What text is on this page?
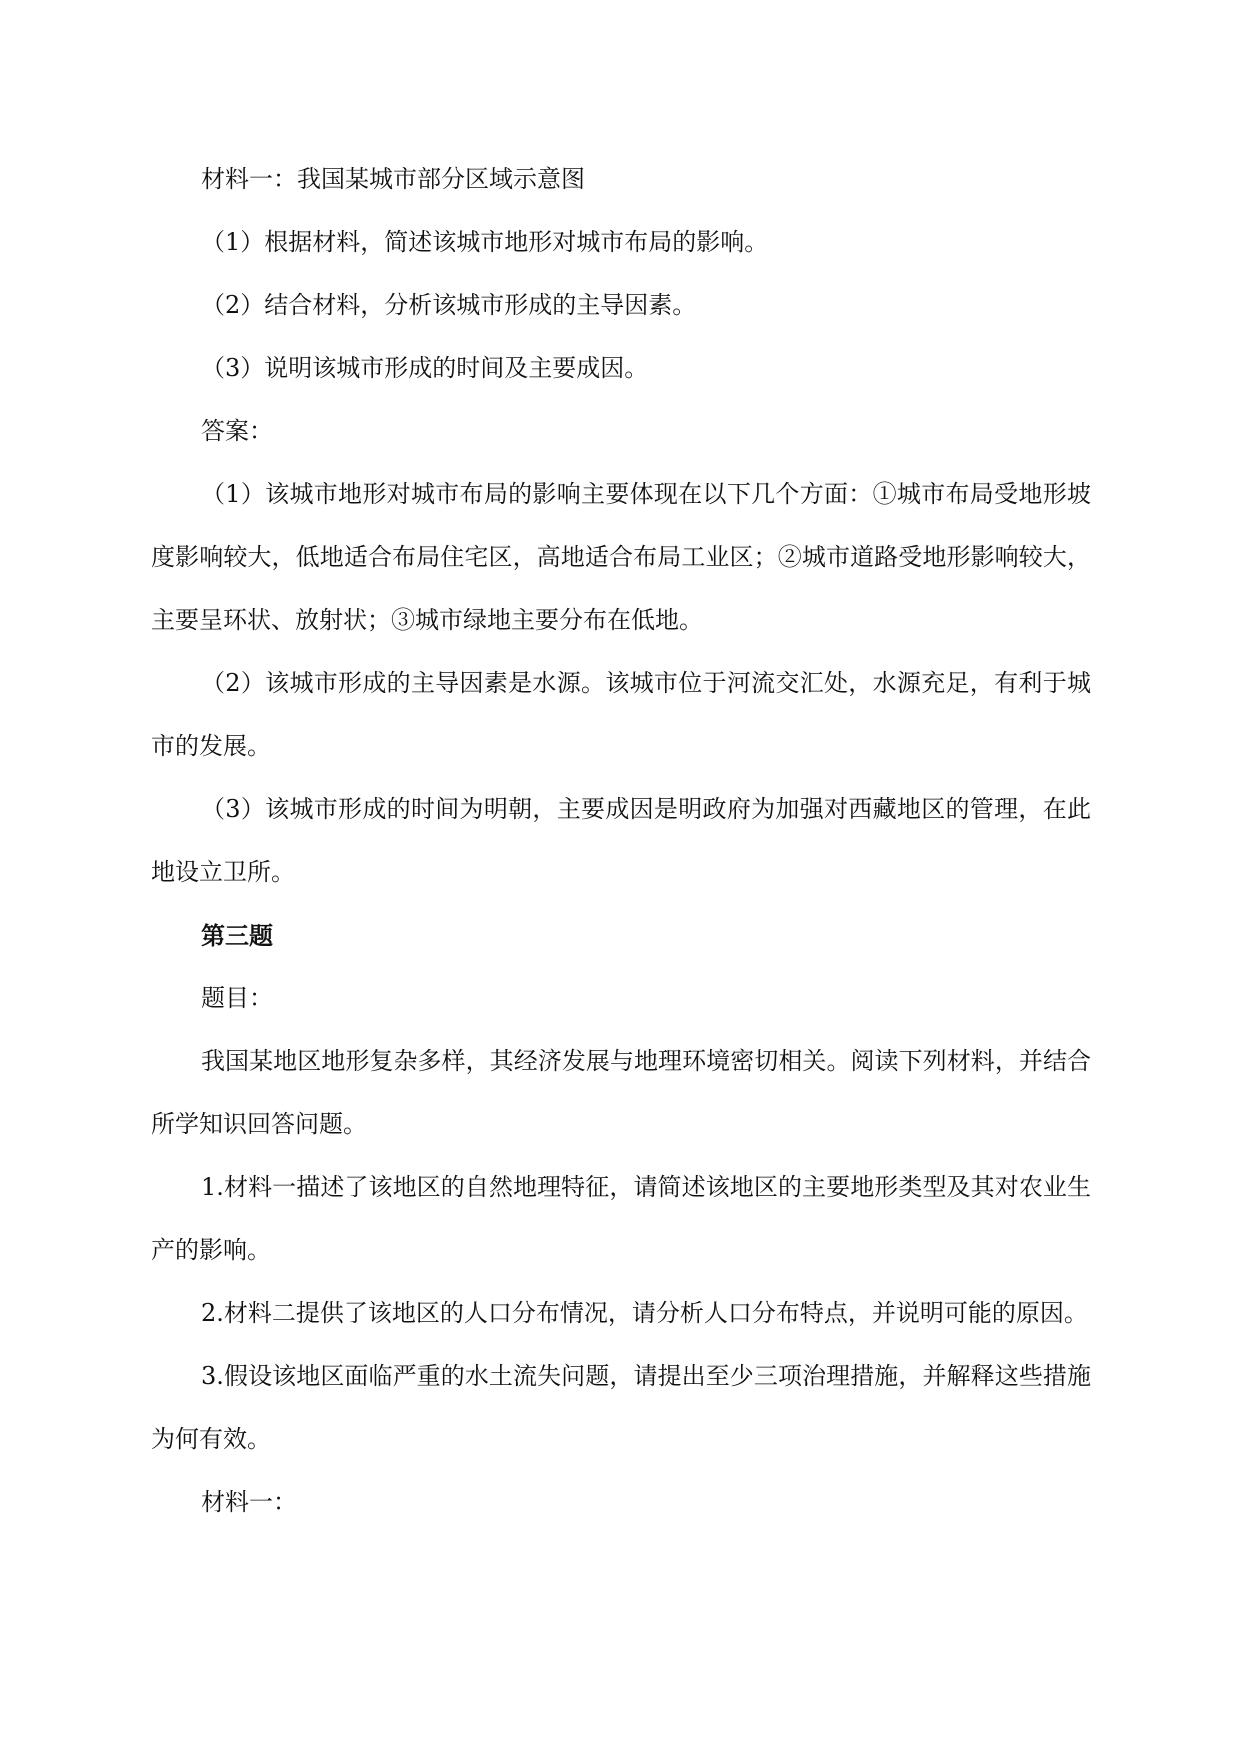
材料一：我国某城市部分区域示意图

（1）根据材料，简述该城市地形对城市布局的影响。

（2）结合材料，分析该城市形成的主导因素。

（3）说明该城市形成的时间及主要成因。

答案：

（1）该城市地形对城市布局的影响主要体现在以下几个方面：①城市布局受地形坡度影响较大，低地适合布局住宅区，高地适合布局工业区；②城市道路受地形影响较大，主要呈环状、放射状；③城市绿地主要分布在低地。

（2）该城市形成的主导因素是水源。该城市位于河流交汇处，水源充足，有利于城市的发展。

（3）该城市形成的时间为明朝，主要成因是明政府为加强对西藏地区的管理，在此地设立卫所。

第三题

题目：

我国某地区地形复杂多样，其经济发展与地理环境密切相关。阅读下列材料，并结合所学知识回答问题。

1.材料一描述了该地区的自然地理特征，请简述该地区的主要地形类型及其对农业生产的影响。

2.材料二提供了该地区的人口分布情况，请分析人口分布特点，并说明可能的原因。

3.假设该地区面临严重的水土流失问题，请提出至少三项治理措施，并解释这些措施为何有效。

材料一：
